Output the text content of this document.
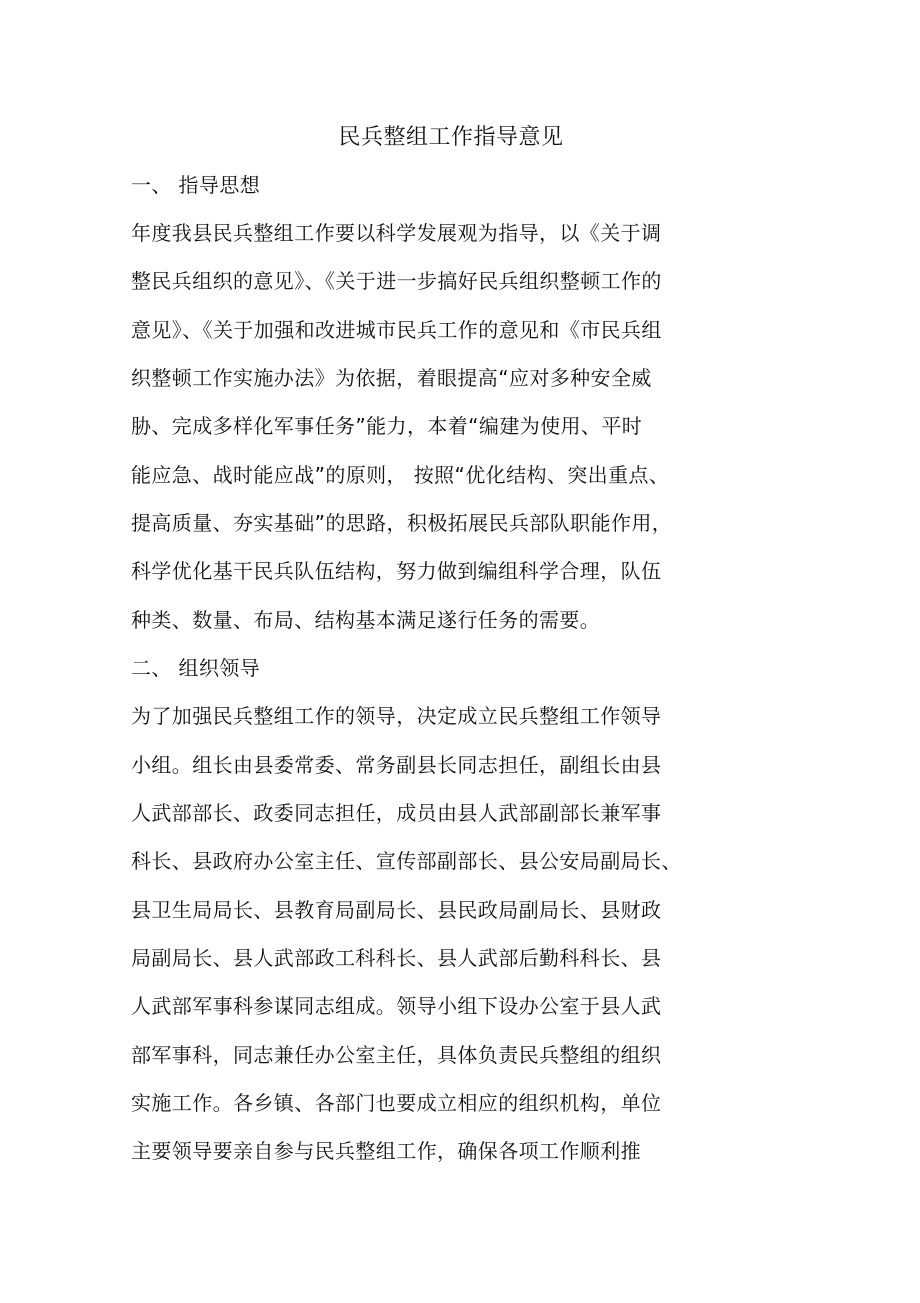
民兵整组工作指导意见
一、 指导思想
年度我县民兵整组工作要以科学发展观为指导，以《关于调
整民兵组织的意见》、《关于进一步搞好民兵组织整顿工作的
意见》、《关于加强和改进城市民兵工作的意见和《市民兵组
织整顿工作实施办法》为依据，着眼提高“应对多种安全威
胁、完成多样化军事任务”能力，本着“编建为使用、平时
能应急、战时能应战”的原则， 按照“优化结构、突出重点、
提高质量、夯实基础”的思路，积极拓展民兵部队职能作用，
科学优化基干民兵队伍结构，努力做到编组科学合理，队伍
种类、数量、布局、结构基本满足遂行任务的需要。
二、 组织领导
为了加强民兵整组工作的领导，决定成立民兵整组工作领导
小组。组长由县委常委、常务副县长同志担任，副组长由县
人武部部长、政委同志担任，成员由县人武部副部长兼军事
科长、县政府办公室主任、宣传部副部长、县公安局副局长、
县卫生局局长、县教育局副局长、县民政局副局长、县财政
局副局长、县人武部政工科科长、县人武部后勤科科长、县
人武部军事科参谋同志组成。领导小组下设办公室于县人武
部军事科，同志兼任办公室主任，具体负责民兵整组的组织
实施工作。各乡镇、各部门也要成立相应的组织机构，单位
主要领导要亲自参与民兵整组工作，确保各项工作顺利推
